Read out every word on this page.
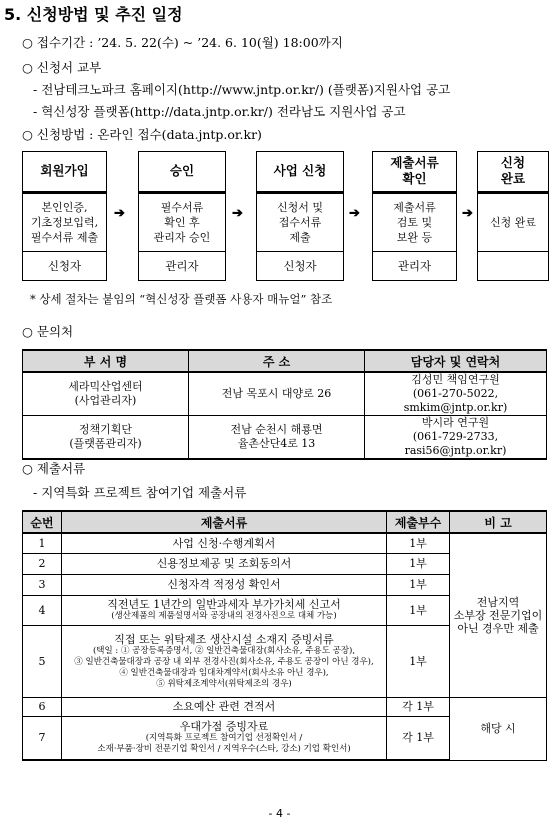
5. 신청방법 및 추진 일정
○ 접수기간 : ’24. 5. 22(수) ~ ’24. 6. 10(월) 18:00까지
○ 신청서 교부
- 전남테크노파크 홈페이지(http://www.jntp.or.kr/) (플랫폼)지원사업 공고
- 혁신성장 플랫폼(http://data.jntp.or.kr/) 전라남도 지원사업 공고
○ 신청방법 : 온라인 접수(data.jntp.or.kr)
회원가입
본인인증,
기초정보입력,
필수서류 제출
신청자
➔
승인
필수서류
확인 후
관리자 승인
관리자
➔
사업 신청
신청서 및
접수서류
제출
신청자
➔
제출서류
확인
제출서류
검토 및
보완 등
관리자
➔
신청
완료
신청 완료
* 상세 절차는 붙임의 “혁신성장 플랫폼 사용자 매뉴얼” 참조
○ 문의처
부 서 명	주 소	담당자 및 연락처
세라믹산업센터
(사업관리자)	전남 목포시 대양로 26	김성민 책임연구원
(061-270-5022, smkim@jntp.or.kr)
정책기획단
(플랫폼관리자)	전남 순천시 해룡면
율촌산단4로 13	박시라 연구원
(061-729-2733, rasi56@jntp.or.kr)
○ 제출서류
- 지역특화 프로젝트 참여기업 제출서류
순번	제출서류	제출부수	비 고
1	사업 신청·수행계획서	1부	전남지역
소부장 전문기업이
아닌 경우만 제출
2	신용정보제공 및 조회동의서	1부	
3	신청자격 적정성 확인서	1부	
4	직전년도 1년간의 일반과세자 부가가치세 신고서
(생산제품의 제품설명서와 공장내의 전경사진으로 대체 가능)	1부	
5	직접 또는 위탁제조 생산시설 소재지 증빙서류
(택일 : ① 공장등록증명서, ② 일반건축물대장(회사소유, 주용도 공장),
③ 일반건축물대장과 공장 내 외부 전경사진(회사소유, 주용도 공장이 아닌 경우),
④ 일반건축물대장과 임대차계약서(회사소유 아닌 경우),
⑤ 위탁제조계약서(위탁제조의 경우)	1부	
6	소요예산 관련 견적서	각 1부	해당 시
7	우대가점 증빙자료
(지역특화 프로젝트 참여기업 선정확인서 /
소재·부품·장비 전문기업 확인서 / 지역우수(스타, 강소) 기업 확인서)	각 1부	
- 4 -
